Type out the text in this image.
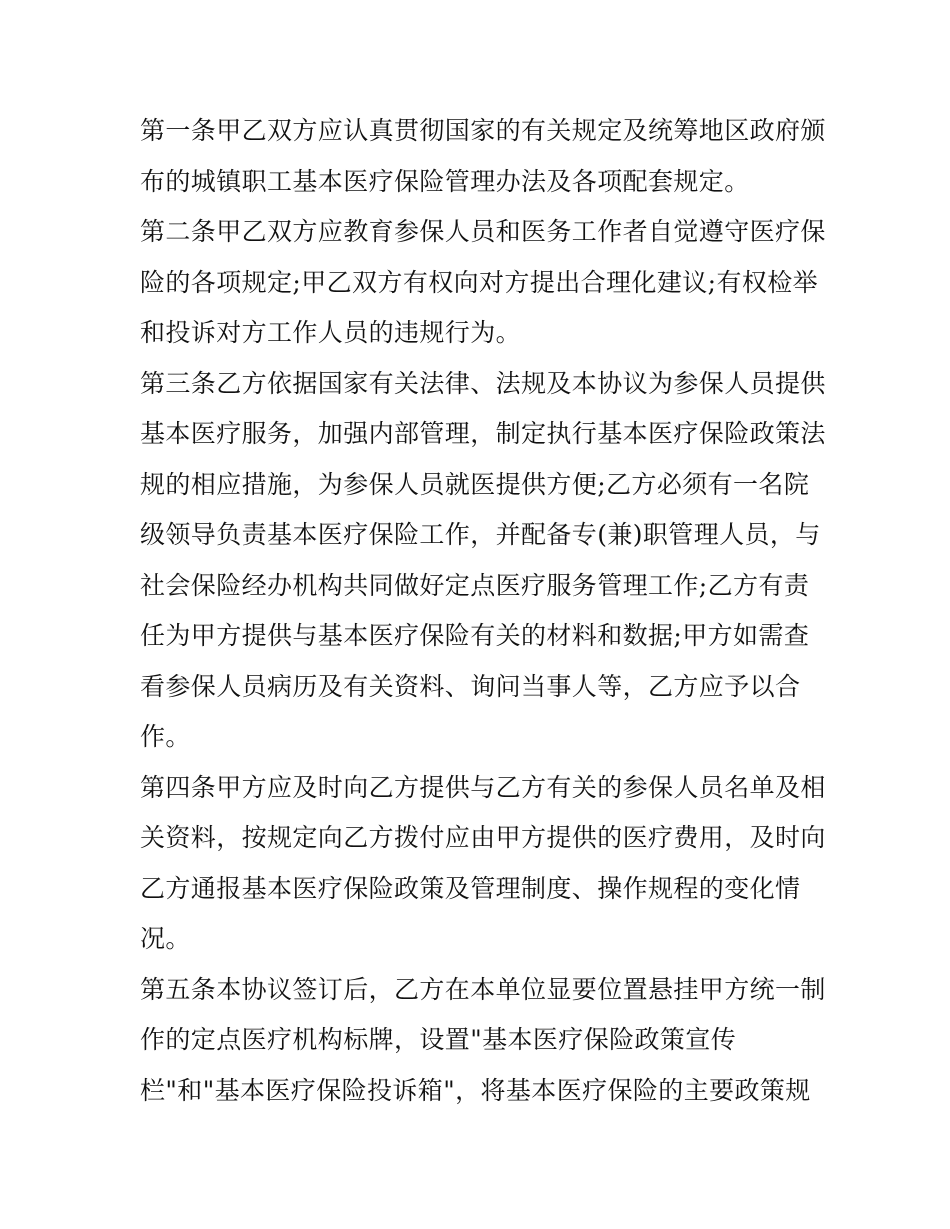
第一条甲乙双方应认真贯彻国家的有关规定及统筹地区政府颁
布的城镇职工基本医疗保险管理办法及各项配套规定。
第二条甲乙双方应教育参保人员和医务工作者自觉遵守医疗保
险的各项规定;甲乙双方有权向对方提出合理化建议;有权检举
和投诉对方工作人员的违规行为。
第三条乙方依据国家有关法律、法规及本协议为参保人员提供
基本医疗服务，加强内部管理，制定执行基本医疗保险政策法
规的相应措施，为参保人员就医提供方便;乙方必须有一名院
级领导负责基本医疗保险工作，并配备专(兼)职管理人员，与
社会保险经办机构共同做好定点医疗服务管理工作;乙方有责
任为甲方提供与基本医疗保险有关的材料和数据;甲方如需查
看参保人员病历及有关资料、询问当事人等，乙方应予以合
作。
第四条甲方应及时向乙方提供与乙方有关的参保人员名单及相
关资料，按规定向乙方拨付应由甲方提供的医疗费用，及时向
乙方通报基本医疗保险政策及管理制度、操作规程的变化情
况。
第五条本协议签订后，乙方在本单位显要位置悬挂甲方统一制
作的定点医疗机构标牌，设置"基本医疗保险政策宣传
栏"和"基本医疗保险投诉箱"，将基本医疗保险的主要政策规
